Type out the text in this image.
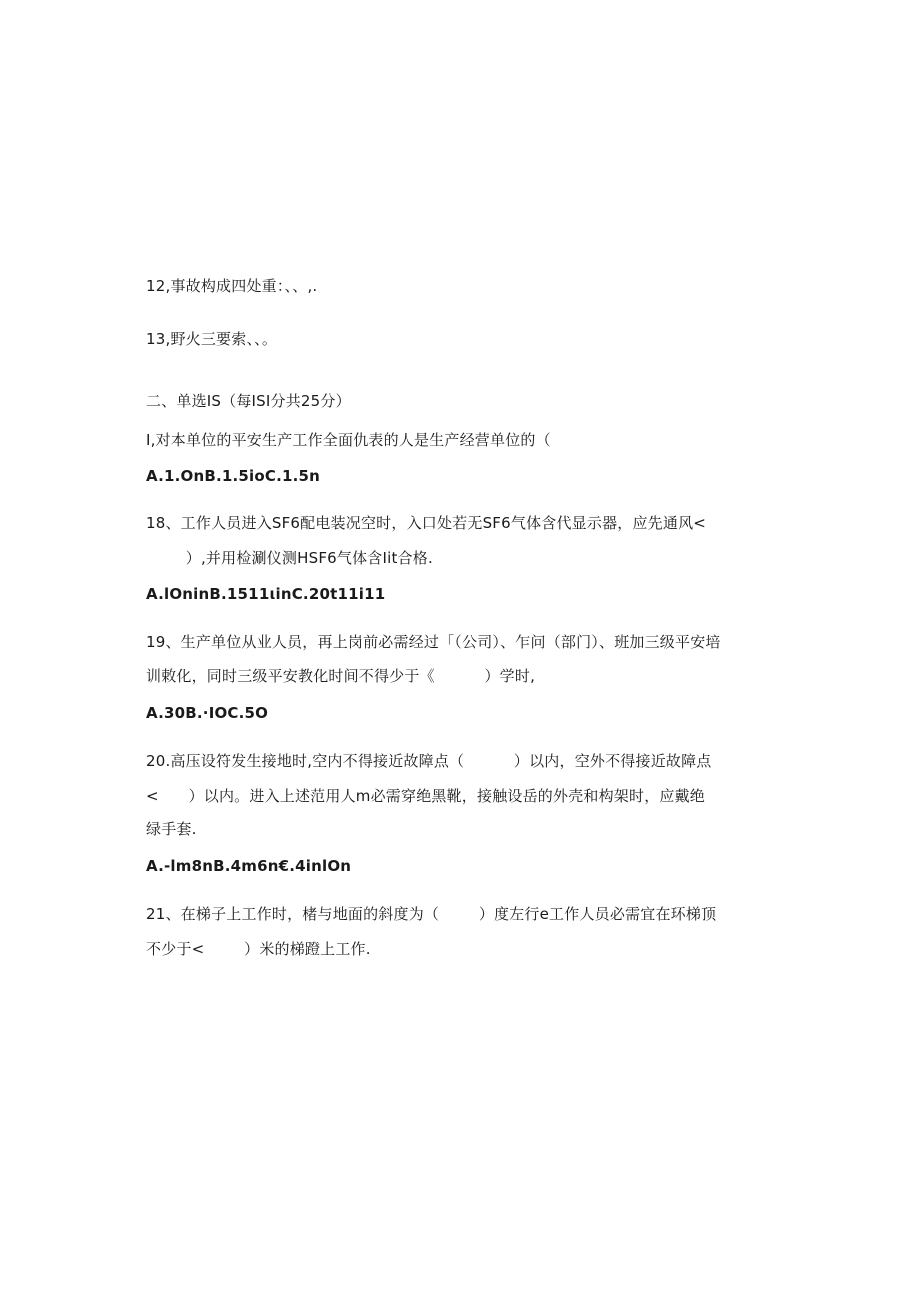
12,事故构成四处重：、、,.
13,野火三要索、、。
二、单选IS（每ISI分共25分）
I,对本单位的平安生产工作全面仇表的人是生产经营单位的（
A.1.OnB.1.5ioC.1.5n
18、工作人员进入SF6配电装况空时，入口处若无SF6气体含代显示器，应先通风<
）,并用检涮仪测HSF6气体含Iit合格.
A.lOninB.1511ιinC.20t11i11
19、生产单位从业人员，再上岗前必需经过「（公司）、乍问（部门）、班加三级平安培
训敕化，同时三级平安教化时间不得少于《          ）学时,
A.30B.·IOC.5O
20.高压设符发生接地时,空内不得接近故障点（          ）以内，空外不得接近故障点
<      ）以内。进入上述范用人m必需穿绝黑靴，接触设岳的外壳和构架时，应戴绝
绿手套.
A.-lm8nB.4m6n€.4inlOn
21、在梯子上工作时，楮与地面的斜度为（        ）度左行e工作人员必需宜在环梯顶
不少于<        ）米的梯蹬上工作.
